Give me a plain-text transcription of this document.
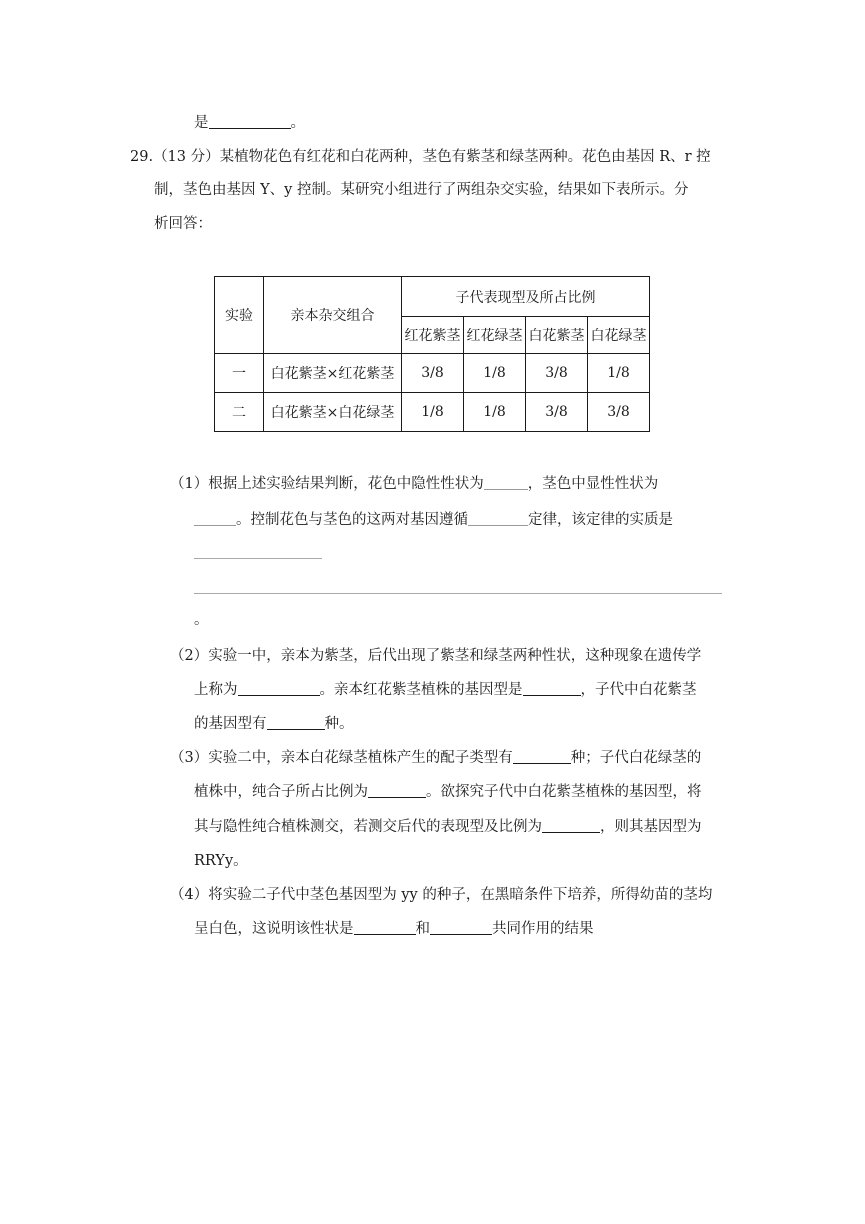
是	。
29.（13 分）某植物花色有红花和白花两种，茎色有紫茎和绿茎两种。花色由基因 R、r 控
制，茎色由基因 Y、y 控制。某研究小组进行了两组杂交实验，结果如下表所示。分
析回答：
实验	亲本杂交组合	子代表现型及所占比例			
		红花紫茎	红花绿茎	白花紫茎	白花绿茎
一	白花紫茎×红花紫茎	3/8	1/8	3/8	1/8
二	白花紫茎×白花绿茎	1/8	1/8	3/8	3/8
（1）根据上述实验结果判断，花色中隐性性状为	，茎色中显性性状为
。控制花色与茎色的这两对基因遵循	定律，该定律的实质是
。
（2）实验一中，亲本为紫茎，后代出现了紫茎和绿茎两种性状，这种现象在遗传学
上称为	。亲本红花紫茎植株的基因型是	，子代中白花紫茎
的基因型有	种。
（3）实验二中，亲本白花绿茎植株产生的配子类型有	种；子代白花绿茎的
植株中，纯合子所占比例为	。欲探究子代中白花紫茎植株的基因型，将
其与隐性纯合植株测交，若测交后代的表现型及比例为	，则其基因型为
RRYy。
（4）将实验二子代中茎色基因型为 yy 的种子，在黑暗条件下培养，所得幼苗的茎均
呈白色，这说明该性状是	和	共同作用的结果
